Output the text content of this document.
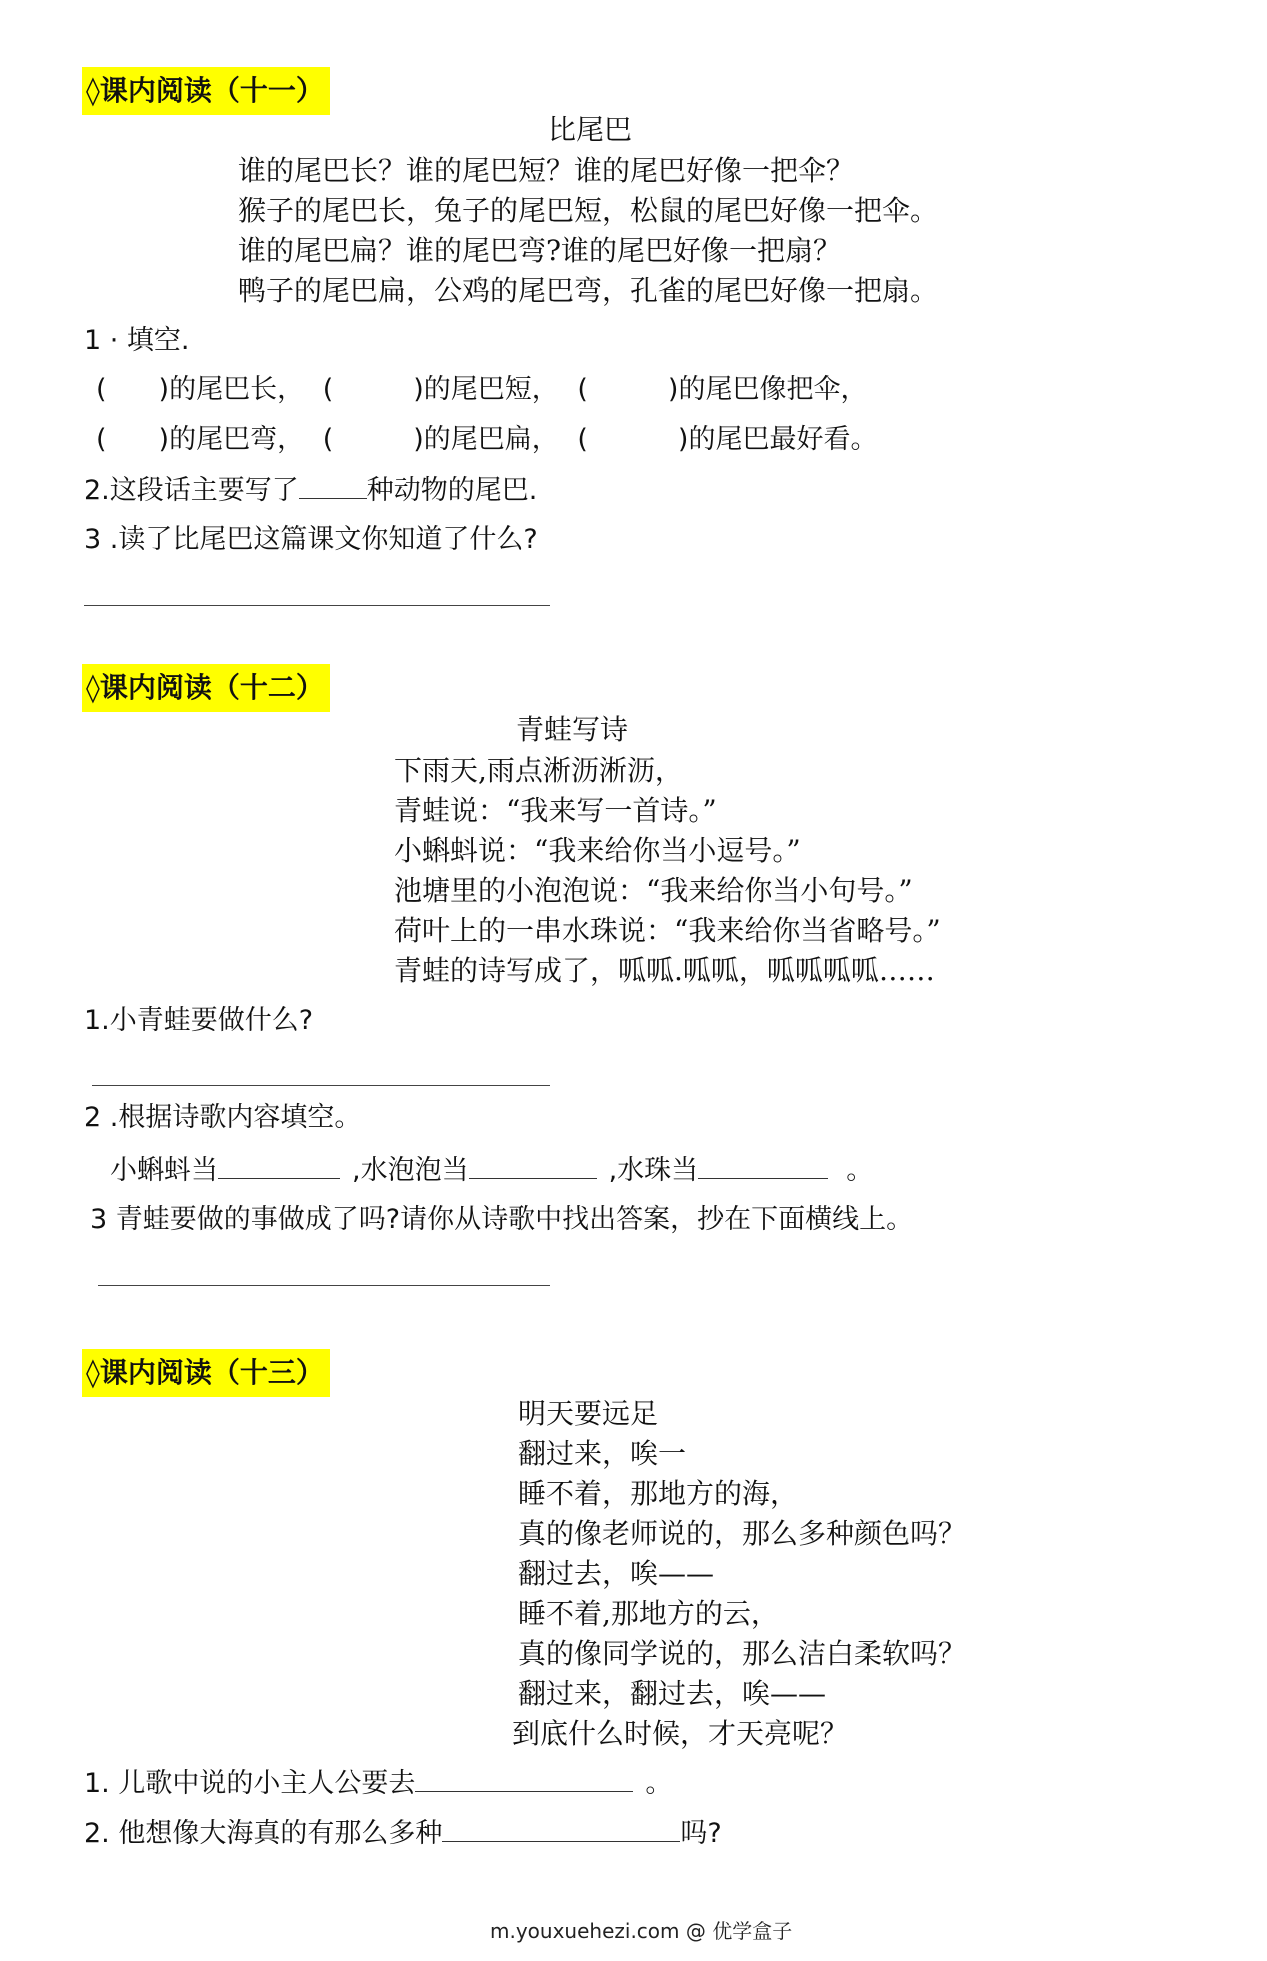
◊课内阅读（十一）
比尾巴
谁的尾巴长？谁的尾巴短？谁的尾巴好像一把伞？
猴子的尾巴长，兔子的尾巴短，松鼠的尾巴好像一把伞。
谁的尾巴扁？谁的尾巴弯?谁的尾巴好像一把扇？
鸭子的尾巴扁，公鸡的尾巴弯，孔雀的尾巴好像一把扇。
1 · 填空.
( )的尾巴长， (	)的尾巴短， (	)的尾巴像把伞，
( )的尾巴弯， (	)的尾巴扁， (	)的尾巴最好看。
2.这段话主要写了	种动物的尾巴.
3 .读了比尾巴这篇课文你知道了什么?
◊课内阅读（十二）
青蛙写诗
下雨天,雨点淅沥淅沥，
青蛙说：“我来写一首诗。”
小蝌蚪说：“我来给你当小逗号。”
池塘里的小泡泡说：“我来给你当小句号。”
荷叶上的一串水珠说：“我来给你当省略号。”
青蛙的诗写成了，呱呱.呱呱，呱呱呱呱……
1.小青蛙要做什么?
2 .根据诗歌内容填空。
小蝌蚪当	,水泡泡当	,水珠当	。
3 青蛙要做的事做成了吗?请你从诗歌中找出答案，抄在下面横线上。
◊课内阅读（十三）
明天要远足
翻过来，唉一
睡不着，那地方的海，
真的像老师说的，那么多种颜色吗？
翻过去，唉——
睡不着,那地方的云，
真的像同学说的，那么洁白柔软吗？
翻过来，翻过去，唉——
到底什么时候，才天亮呢？
1. 儿歌中说的小主人公要去	。
2. 他想像大海真的有那么多种	吗?
m.youxuehezi.com @ 优学盒子
